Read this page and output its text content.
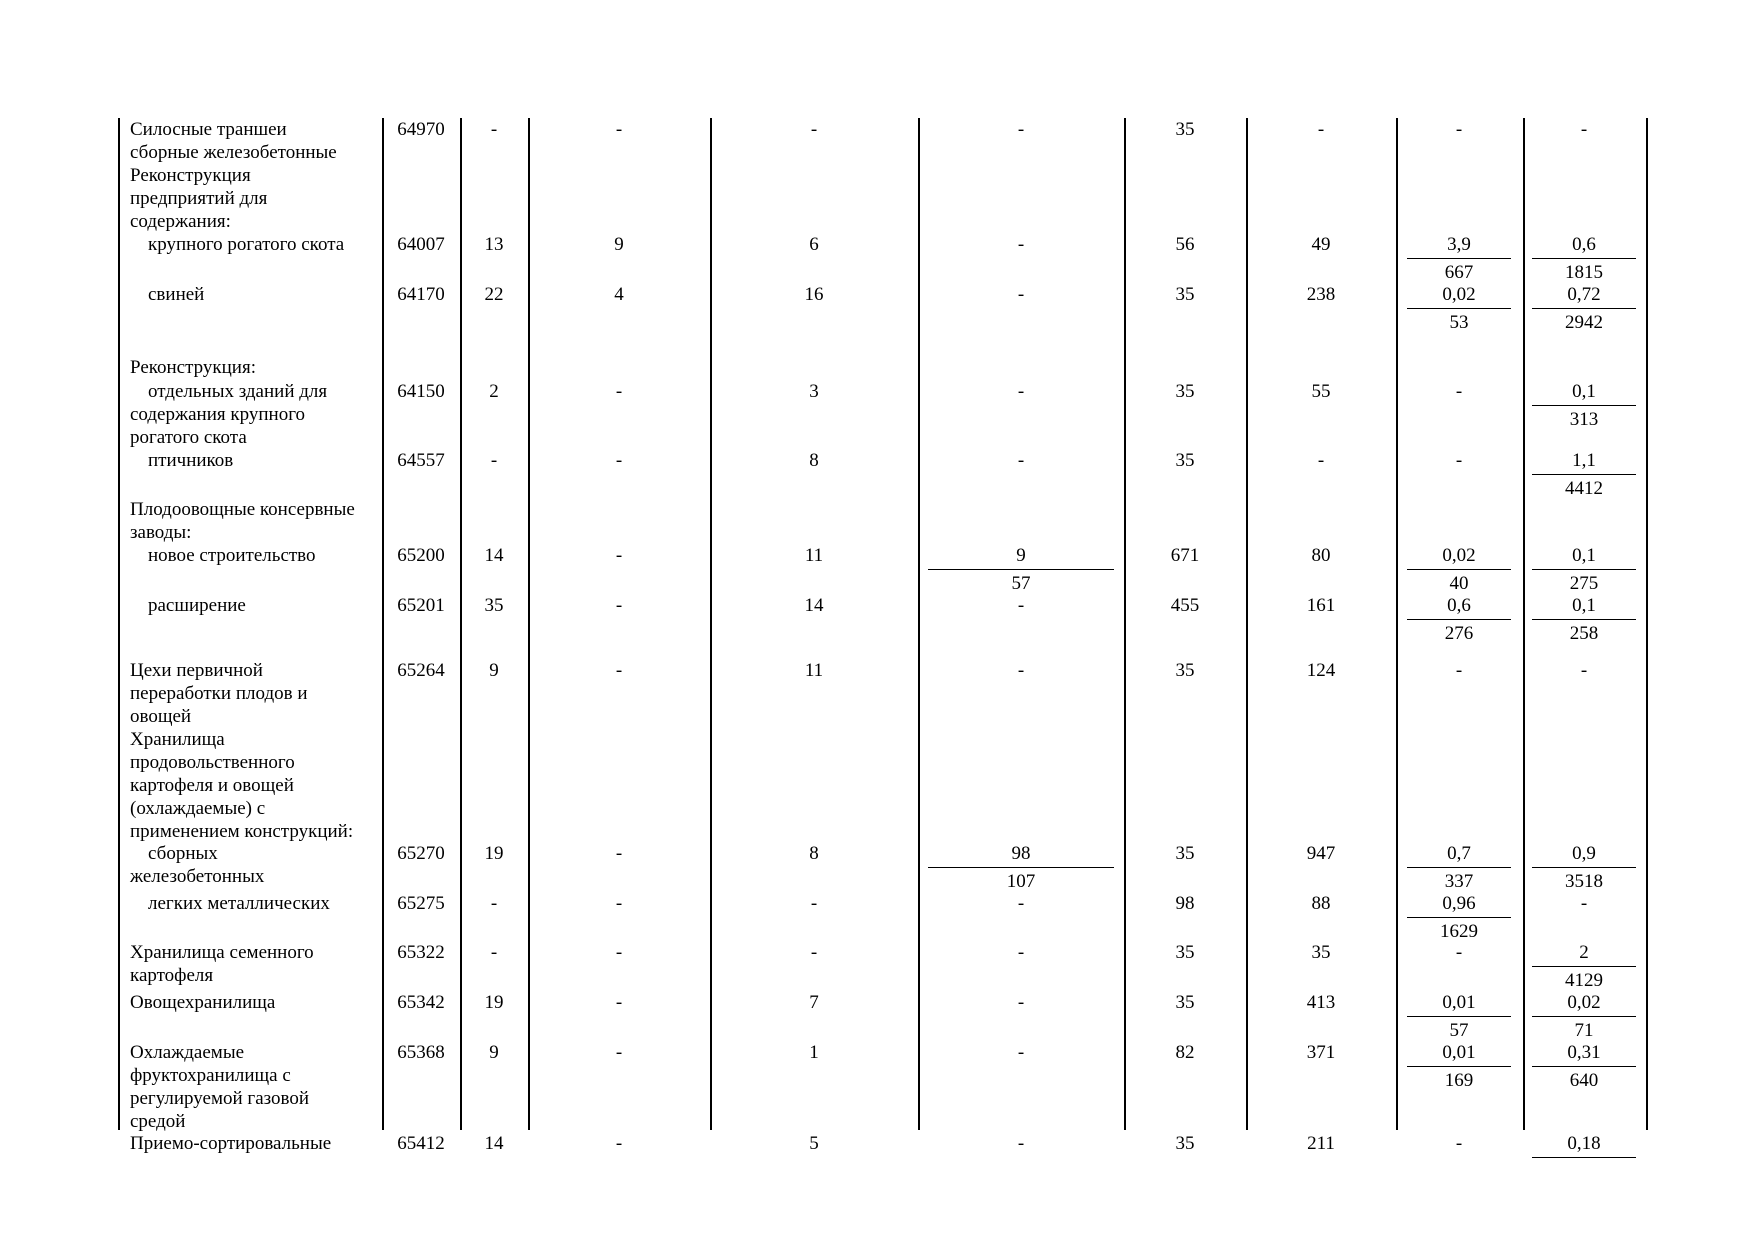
Силосные траншеи
сборные железобетонные
64970	-	-	-	-	35	-	-	-
Реконструкция
предприятий для
содержания:
крупного рогатого скота	64007	13	9	6	-	56	49	$\frac{3,9}{667} \frac{0,6}{1815}$
свиней	64170	22	4	16	-	35	238	$\frac{0,02}{53} \frac{0,72}{2942}$
Реконструкция:
отдельных зданий для
содержания крупного
рогатого скота
64150	2	-	3	-	35	55	-	$\frac{0,1}{313}$
птичников	64557	-	-	8	-	35	-	-	$\frac{1,1}{4412}$
Плодоовощные консервные
заводы:
новое строительство	65200	14	-	11	$\frac{9}{57}$	671	80	$\frac{0,02}{40} \frac{0,1}{275}$
расширение	65201	35	-	14	-	455	161	$\frac{0,6}{276} \frac{0,1}{258}$
Цехи первичной
переработки плодов и
овощей
65264	9	-	11	-	35	124	-	-
Хранилища
продовольственного
картофеля и овощей
(охлаждаемые) с
применением конструкций:
сборных
железобетонных
65270	19	-	8	$\frac{98}{107}$	35	947	$\frac{0,7}{337} \frac{0,9}{3518}$
легких металлических	65275	-	-	-	-	98	88	$\frac{0,96}{1629}$	-
Хранилища семенного
картофеля
65322	-	-	-	-	35	35	-	$\frac{2}{4129}$
Овощехранилища	65342	19	-	7	-	35	413	$\frac{0,01}{57} \frac{0,02}{71}$
Охлаждаемые
фруктохранилища с
регулируемой газовой
средой
65368	9	-	1	-	82	371	$\frac{0,01}{169} \frac{0,31}{640}$
Приемо-сортировальные	65412	14	-	5	-	35	211	-	0,18
